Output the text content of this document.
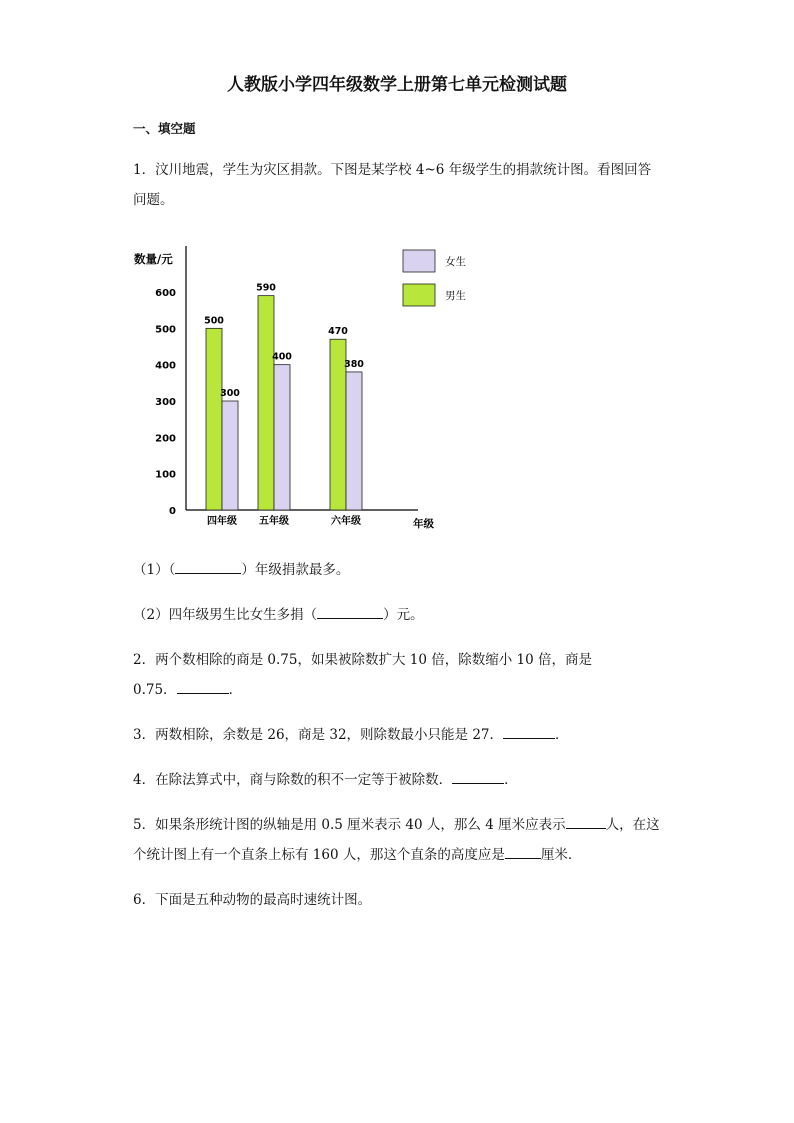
人教版小学四年级数学上册第七单元检测试题
一、填空题
1．汶川地震，学生为灾区捐款。下图是某学校 4~6 年级学生的捐款统计图。看图回答
问题。
0
100
200
300
400
500
600
数量/元
年级
500
300
四年级
590
400
五年级
470
380
六年级
女生
男生
（1）（	）年级捐款最多。
（2）四年级男生比女生多捐（	）元。
2．两个数相除的商是 0.75，如果被除数扩大 10 倍，除数缩小 10 倍，商是
0.75．	．
3．两数相除，余数是 26，商是 32，则除数最小只能是 27．	．
4．在除法算式中，商与除数的积不一定等于被除数．	．
5．如果条形统计图的纵轴是用 0.5 厘米表示 40 人，那么 4 厘米应表示	人，在这
个统计图上有一个直条上标有 160 人，那这个直条的高度应是	厘米．
6．下面是五种动物的最高时速统计图。
